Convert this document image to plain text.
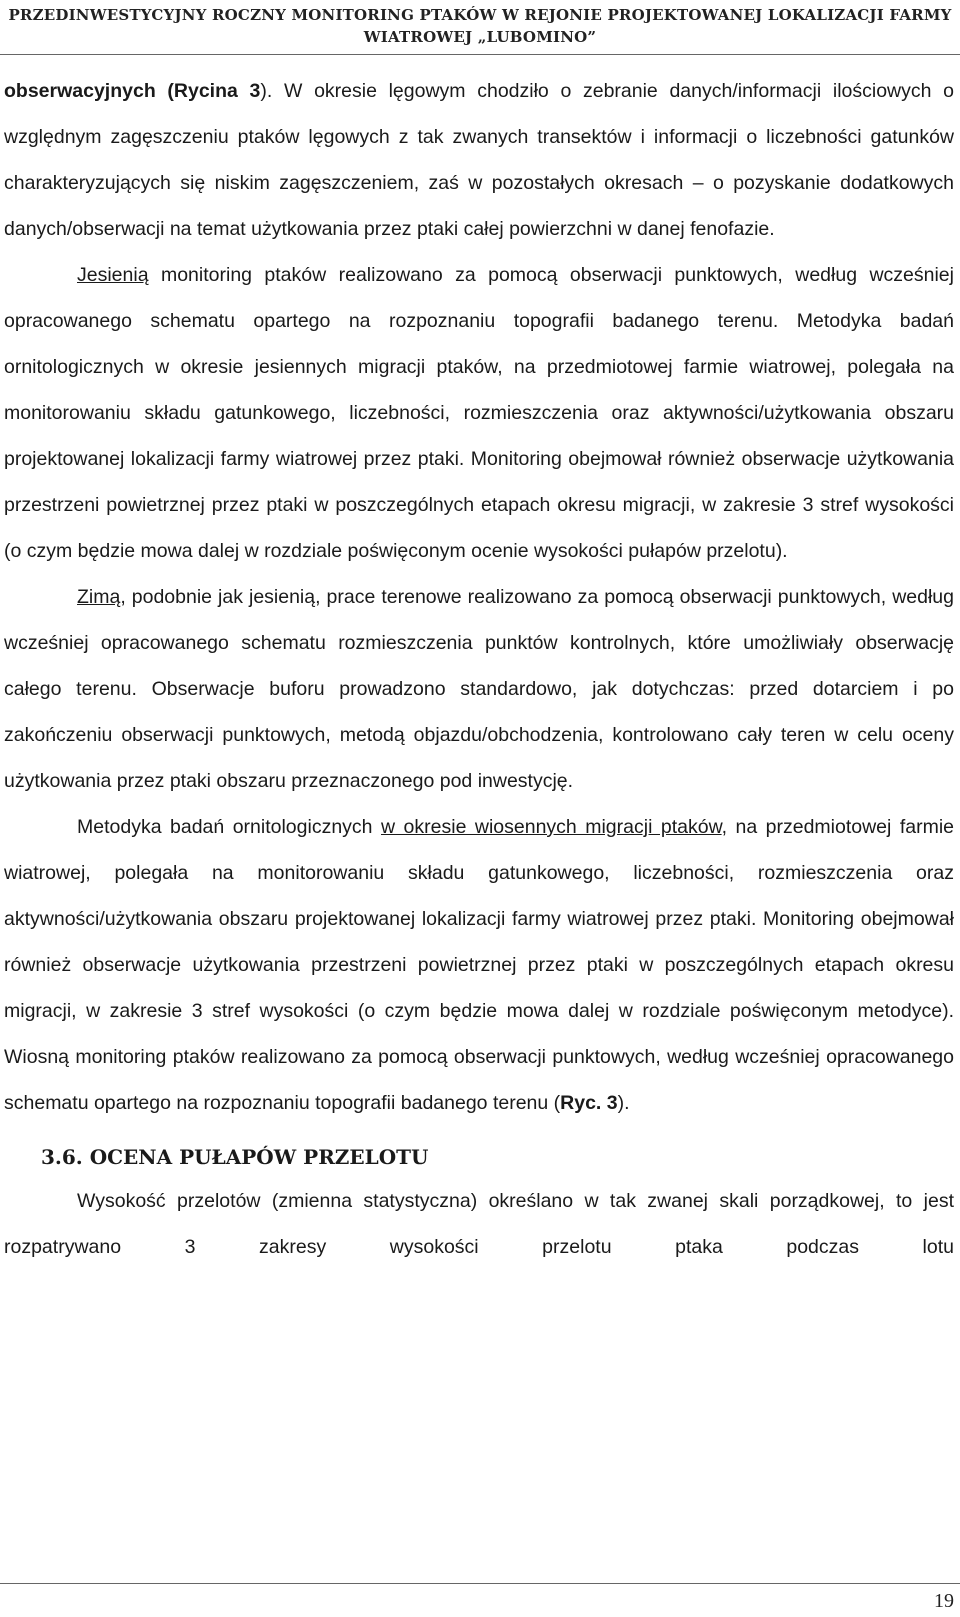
PRZEDINWESTYCYJNY ROCZNY MONITORING PTAKÓW W REJONIE PROJEKTOWANEJ LOKALIZACJI FARMY
WIATROWEJ „LUBOMINO”

obserwacyjnych (Rycina 3). W okresie lęgowym chodziło o zebranie danych/informacji ilościowych o względnym zagęszczeniu ptaków lęgowych z tak zwanych transektów i informacji o liczebności gatunków charakteryzujących się niskim zagęszczeniem, zaś w pozostałych okresach – o pozyskanie dodatkowych danych/obserwacji na temat użytkowania przez ptaki całej powierzchni w danej fenofazie.

Jesienią monitoring ptaków realizowano za pomocą obserwacji punktowych, według wcześniej opracowanego schematu opartego na rozpoznaniu topografii badanego terenu. Metodyka badań ornitologicznych w okresie jesiennych migracji ptaków, na przedmiotowej farmie wiatrowej, polegała na monitorowaniu składu gatunkowego, liczebności, rozmieszczenia oraz aktywności/użytkowania obszaru projektowanej lokalizacji farmy wiatrowej przez ptaki. Monitoring obejmował również obserwacje użytkowania przestrzeni powietrznej przez ptaki w poszczególnych etapach okresu migracji, w zakresie 3 stref wysokości (o czym będzie mowa dalej w rozdziale poświęconym ocenie wysokości pułapów przelotu).

Zimą, podobnie jak jesienią, prace terenowe realizowano za pomocą obserwacji punktowych, według wcześniej opracowanego schematu rozmieszczenia punktów kontrolnych, które umożliwiały obserwację całego terenu. Obserwacje buforu prowadzono standardowo, jak dotychczas: przed dotarciem i po zakończeniu obserwacji punktowych, metodą objazdu/obchodzenia, kontrolowano cały teren w celu oceny użytkowania przez ptaki obszaru przeznaczonego pod inwestycję.

Metodyka badań ornitologicznych w okresie wiosennych migracji ptaków, na przedmiotowej farmie wiatrowej, polegała na monitorowaniu składu gatunkowego, liczebności, rozmieszczenia oraz aktywności/użytkowania obszaru projektowanej lokalizacji farmy wiatrowej przez ptaki. Monitoring obejmował również obserwacje użytkowania przestrzeni powietrznej przez ptaki w poszczególnych etapach okresu migracji, w zakresie 3 stref wysokości (o czym będzie mowa dalej w rozdziale poświęconym metodyce). Wiosną monitoring ptaków realizowano za pomocą obserwacji punktowych, według wcześniej opracowanego schematu opartego na rozpoznaniu topografii badanego terenu (Ryc. 3).

3.6. OCENA PUŁAPÓW PRZELOTU

Wysokość przelotów (zmienna statystyczna) określano w tak zwanej skali porządkowej, to jest rozpatrywano 3 zakresy wysokości przelotu ptaka podczas lotu

19
